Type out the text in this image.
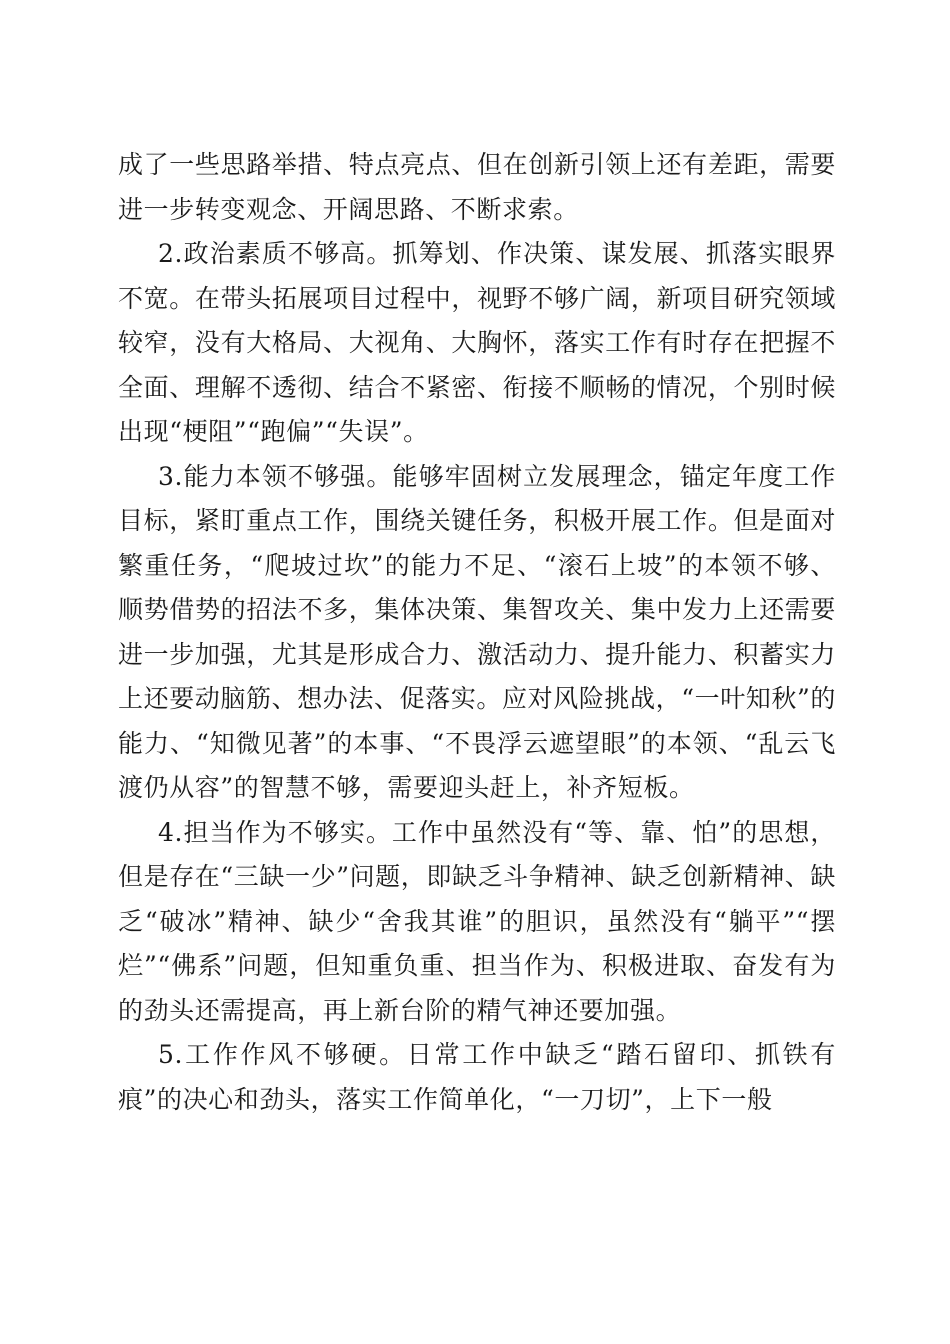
成了一些思路举措、特点亮点、但在创新引领上还有差距，需要进一步转变观念、开阔思路、不断求索。

2.政治素质不够高。抓筹划、作决策、谋发展、抓落实眼界不宽。在带头拓展项目过程中，视野不够广阔，新项目研究领域较窄，没有大格局、大视角、大胸怀，落实工作有时存在把握不全面、理解不透彻、结合不紧密、衔接不顺畅的情况，个别时候出现“梗阻”“跑偏”“失误”。

3.能力本领不够强。能够牢固树立发展理念，锚定年度工作目标，紧盯重点工作，围绕关键任务，积极开展工作。但是面对繁重任务，“爬坡过坎”的能力不足、“滚石上坡”的本领不够、顺势借势的招法不多，集体决策、集智攻关、集中发力上还需要进一步加强，尤其是形成合力、激活动力、提升能力、积蓄实力上还要动脑筋、想办法、促落实。应对风险挑战，“一叶知秋”的能力、“知微见著”的本事、“不畏浮云遮望眼”的本领、“乱云飞渡仍从容”的智慧不够，需要迎头赶上，补齐短板。

4.担当作为不够实。工作中虽然没有“等、靠、怕”的思想，但是存在“三缺一少”问题，即缺乏斗争精神、缺乏创新精神、缺乏“破冰”精神、缺少“舍我其谁”的胆识，虽然没有“躺平”“摆烂”“佛系”问题，但知重负重、担当作为、积极进取、奋发有为的劲头还需提高，再上新台阶的精气神还要加强。

5.工作作风不够硬。日常工作中缺乏“踏石留印、抓铁有痕”的决心和劲头，落实工作简单化，“一刀切”，上下一般
